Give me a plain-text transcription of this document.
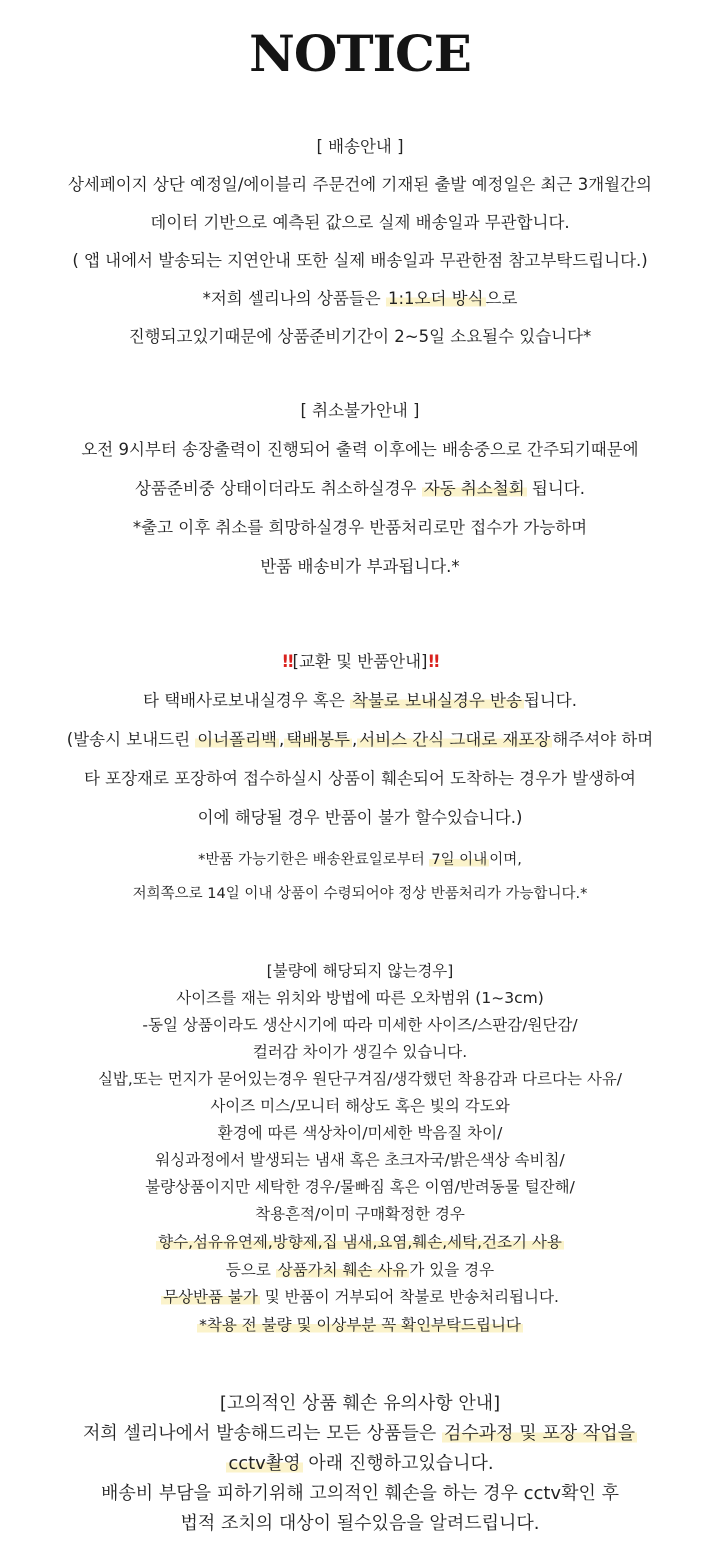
NOTICE

[ 배송안내 ]

상세페이지 상단 예정일/에이블리 주문건에 기재된 출발 예정일은 최근 3개월간의

데이터 기반으로 예측된 값으로 실제 배송일과 무관합니다.

( 앱 내에서 발송되는 지연안내 또한 실제 배송일과 무관한점 참고부탁드립니다.)

*저희 셀리나의 상품들은 1:1오더 방식 으로

진행되고있기때문에 상품준비기간이 2~5일 소요될수 있습니다*

[ 취소불가안내 ]

오전 9시부터 송장출력이 진행되어 출력 이후에는 배송중으로 간주되기때문에

상품준비중 상태이더라도 취소하실경우 자동 취소철회 됩니다.

*출고 이후 취소를 희망하실경우 반품처리로만 접수가 가능하며

반품 배송비가 부과됩니다.*

!![교환 및 반품안내]!!

타 택배사로보내실경우 혹은 착불로 보내실경우 반송 됩니다.

(발송시 보내드린 이너폴리백 , 택배봉투 , 서비스 간식 그대로 재포장 해주셔야 하며

타 포장재로 포장하여 접수하실시 상품이 훼손되어 도착하는 경우가 발생하여

이에 해당될 경우 반품이 불가 할수있습니다.)

*반품 가능기한은 배송완료일로부터 7일 이내 이며,

저희쪽으로 14일 이내 상품이 수령되어야 정상 반품처리가 가능합니다.*

[불량에 해당되지 않는경우]

사이즈를 재는 위치와 방법에 따른 오차범위 (1~3cm)

-동일 상품이라도 생산시기에 따라 미세한 사이즈/스판감/원단감/

컬러감 차이가 생길수 있습니다.

실밥,또는 먼지가 묻어있는경우 원단구겨짐/생각했던 착용감과 다르다는 사유/

사이즈 미스/모니터 해상도 혹은 빛의 각도와

환경에 따른 색상차이/미세한 박음질 차이/

워싱과정에서 발생되는 냄새 혹은 초크자국/밝은색상 속비침/

불량상품이지만 세탁한 경우/물빠짐 혹은 이염/반려동물 털잔해/

착용흔적/이미 구매확정한 경우

향수,섬유유연제,방향제,집 냄새,요염,훼손,세탁,건조기 사용

등으로 상품가치 훼손 사유 가 있을 경우

무상반품 불가 및 반품이 거부되어 착불로 반송처리됩니다.

*착용 전 불량 및 이상부분 꼭 확인부탁드립니다

[고의적인 상품 훼손 유의사항 안내]

저희 셀리나에서 발송해드리는 모든 상품들은 검수과정 및 포장 작업을

cctv촬영 아래 진행하고있습니다.

배송비 부담을 피하기위해 고의적인 훼손을 하는 경우 cctv확인 후

법적 조치의 대상이 될수있음을 알려드립니다.
